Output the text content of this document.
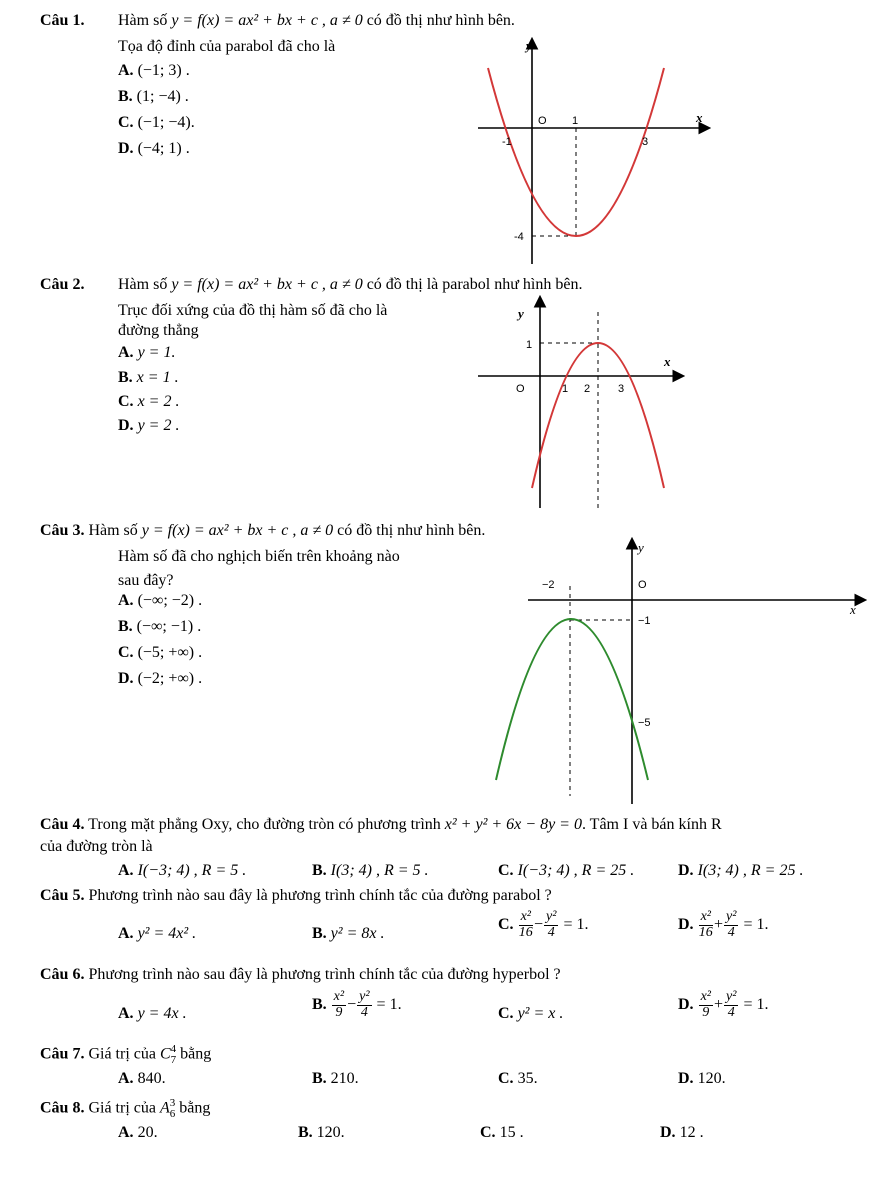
Câu 1. Hàm số y = f(x) = ax² + bx + c , a ≠ 0 có đồ thị như hình bên.
Tọa độ đỉnh của parabol đã cho là
A. (−1; 3) .
B. (1; −4) .
C. (−1; −4).
D. (−4; 1) .
y
x
O
-1
1
3
-4
Câu 2. Hàm số y = f(x) = ax² + bx + c , a ≠ 0 có đồ thị là parabol như hình bên.
Trục đối xứng của đồ thị hàm số đã cho là
đường thẳng
A. y = 1.
B. x = 1 .
C. x = 2 .
D. y = 2 .
y
x
O
1
1 2	3
Câu 3. Hàm số y = f(x) = ax² + bx + c , a ≠ 0 có đồ thị như hình bên.
Hàm số đã cho nghịch biến trên khoảng nào
sau đây?
A. (−∞; −2) .
B. (−∞; −1) .
C. (−5; +∞) .
D. (−2; +∞) .
y
x
O
−2
−1
−5
Câu 4. Trong mặt phẳng Oxy, cho đường tròn có phương trình x² + y² + 6x − 8y = 0. Tâm I và bán kính R
của đường tròn là
A. I(−3; 4) , R = 5 .	B. I(3; 4) , R = 5 .	C. I(−3; 4) , R = 25 .	D. I(3; 4) , R = 25 .
Câu 5. Phương trình nào sau đây là phương trình chính tắc của đường parabol ?
A. y² = 4x² .	B. y² = 8x .
C. $\frac{\text{x²}}{16} - \frac{\text{y²}}{4} = 1$.	D. $\frac{\text{x²}}{16} + \frac{\text{y²}}{4} = 1$.
Câu 6. Phương trình nào sau đây là phương trình chính tắc của đường hyperbol ?
A. y = 4x .
B. $\frac{\text{x²}}{9} - \frac{\text{y²}}{4} = 1$.
C. y² = x .
D. $\frac{\text{x²}}{9} + \frac{\text{y²}}{4} = 1$.
Câu 7. Giá trị của C 4
7 bằng
A. 840.	B. 210.	C. 35.	D. 120.
Câu 8. Giá trị của A 3
6 bằng
A. 20.	B. 120.	C. 15 .	D. 12 .
